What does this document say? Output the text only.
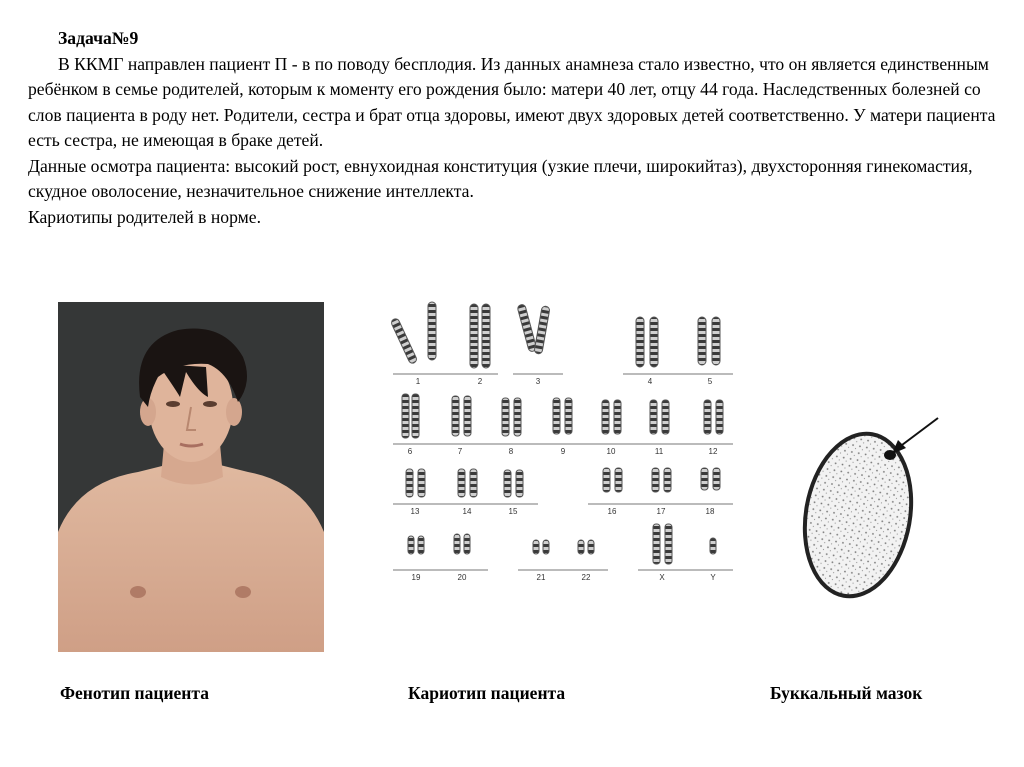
Задача№9
В ККМГ направлен пациент П - в по поводу бесплодия. Из данных анамнеза стало известно, что он является единственным ребёнком в семье родителей, которым к моменту его рождения было: матери 40 лет, отцу 44 года. Наследственных болезней со слов пациента в роду нет. Родители, сестра и брат отца здоровы, имеют двух здоровых детей соответственно. У матери пациента есть сестра, не имеющая в браке детей.
Данные осмотра пациента: высокий рост, евнухоидная конституция (узкие плечи, широкийтаз), двухсторонняя гинекомастия, скудное оволосение, незначительное снижение интеллекта.
Кариотипы родителей в норме.
1	2	3	4	5
6	7	8	9	10	11	12
13	14	15	16	17	18
19	20	21	22	X	Y
Фенотип пациента	Кариотип пациента	Буккальный мазок
